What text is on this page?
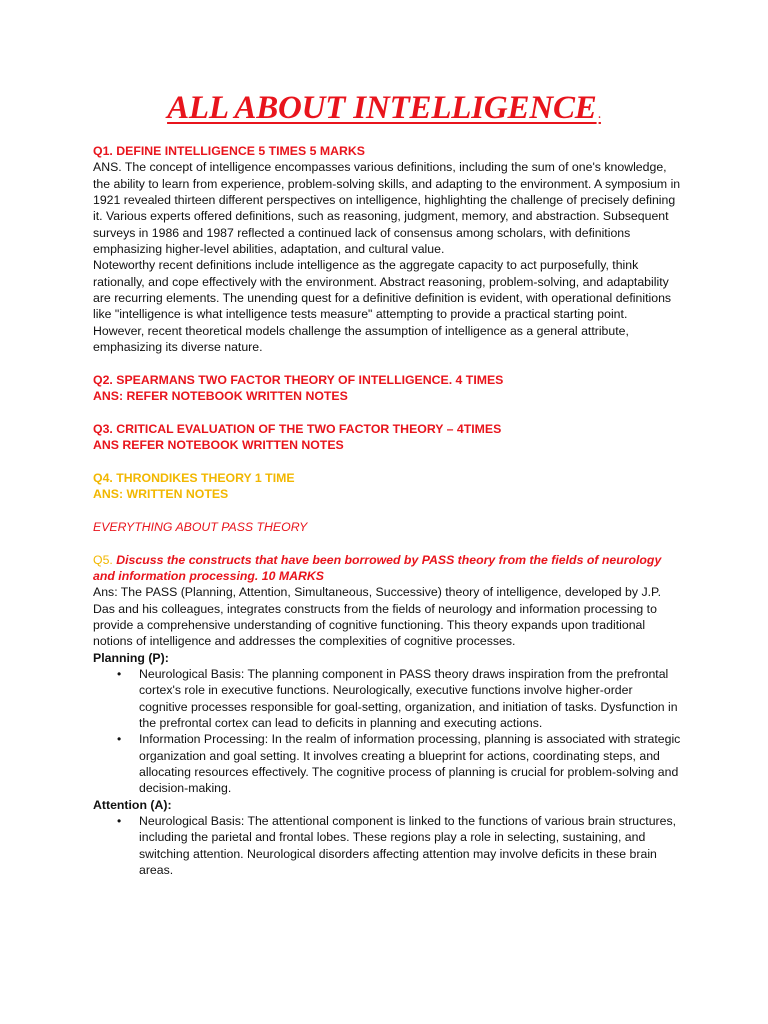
ALL ABOUT INTELLIGENCE .

Q1. DEFINE INTELLIGENCE 5 TIMES 5 MARKS

ANS. The concept of intelligence encompasses various definitions, including the sum of one's knowledge, the ability to learn from experience, problem-solving skills, and adapting to the environment. A symposium in 1921 revealed thirteen different perspectives on intelligence, highlighting the challenge of precisely defining it. Various experts offered definitions, such as reasoning, judgment, memory, and abstraction. Subsequent surveys in 1986 and 1987 reflected a continued lack of consensus among scholars, with definitions emphasizing higher-level abilities, adaptation, and cultural value.

Noteworthy recent definitions include intelligence as the aggregate capacity to act purposefully, think rationally, and cope effectively with the environment. Abstract reasoning, problem-solving, and adaptability are recurring elements. The unending quest for a definitive definition is evident, with operational definitions like "intelligence is what intelligence tests measure" attempting to provide a practical starting point. However, recent theoretical models challenge the assumption of intelligence as a general attribute, emphasizing its diverse nature.

Q2. SPEARMANS TWO FACTOR THEORY OF INTELLIGENCE. 4 TIMES

ANS: REFER NOTEBOOK WRITTEN NOTES

Q3. CRITICAL EVALUATION OF THE TWO FACTOR THEORY – 4TIMES

ANS REFER NOTEBOOK WRITTEN NOTES

Q4. THRONDIKES THEORY 1 TIME

ANS: WRITTEN NOTES

EVERYTHING ABOUT PASS THEORY

Q5. Discuss the constructs that have been borrowed by PASS theory from the fields of neurology and information processing. 10 MARKS

Ans: The PASS (Planning, Attention, Simultaneous, Successive) theory of intelligence, developed by J.P. Das and his colleagues, integrates constructs from the fields of neurology and information processing to provide a comprehensive understanding of cognitive functioning. This theory expands upon traditional notions of intelligence and addresses the complexities of cognitive processes.

Planning (P):

• Neurological Basis: The planning component in PASS theory draws inspiration from the prefrontal cortex's role in executive functions. Neurologically, executive functions involve higher-order cognitive processes responsible for goal-setting, organization, and initiation of tasks. Dysfunction in the prefrontal cortex can lead to deficits in planning and executing actions.
• Information Processing: In the realm of information processing, planning is associated with strategic organization and goal setting. It involves creating a blueprint for actions, coordinating steps, and allocating resources effectively. The cognitive process of planning is crucial for problem-solving and decision-making.

Attention (A):

• Neurological Basis: The attentional component is linked to the functions of various brain structures, including the parietal and frontal lobes. These regions play a role in selecting, sustaining, and switching attention. Neurological disorders affecting attention may involve deficits in these brain areas.
